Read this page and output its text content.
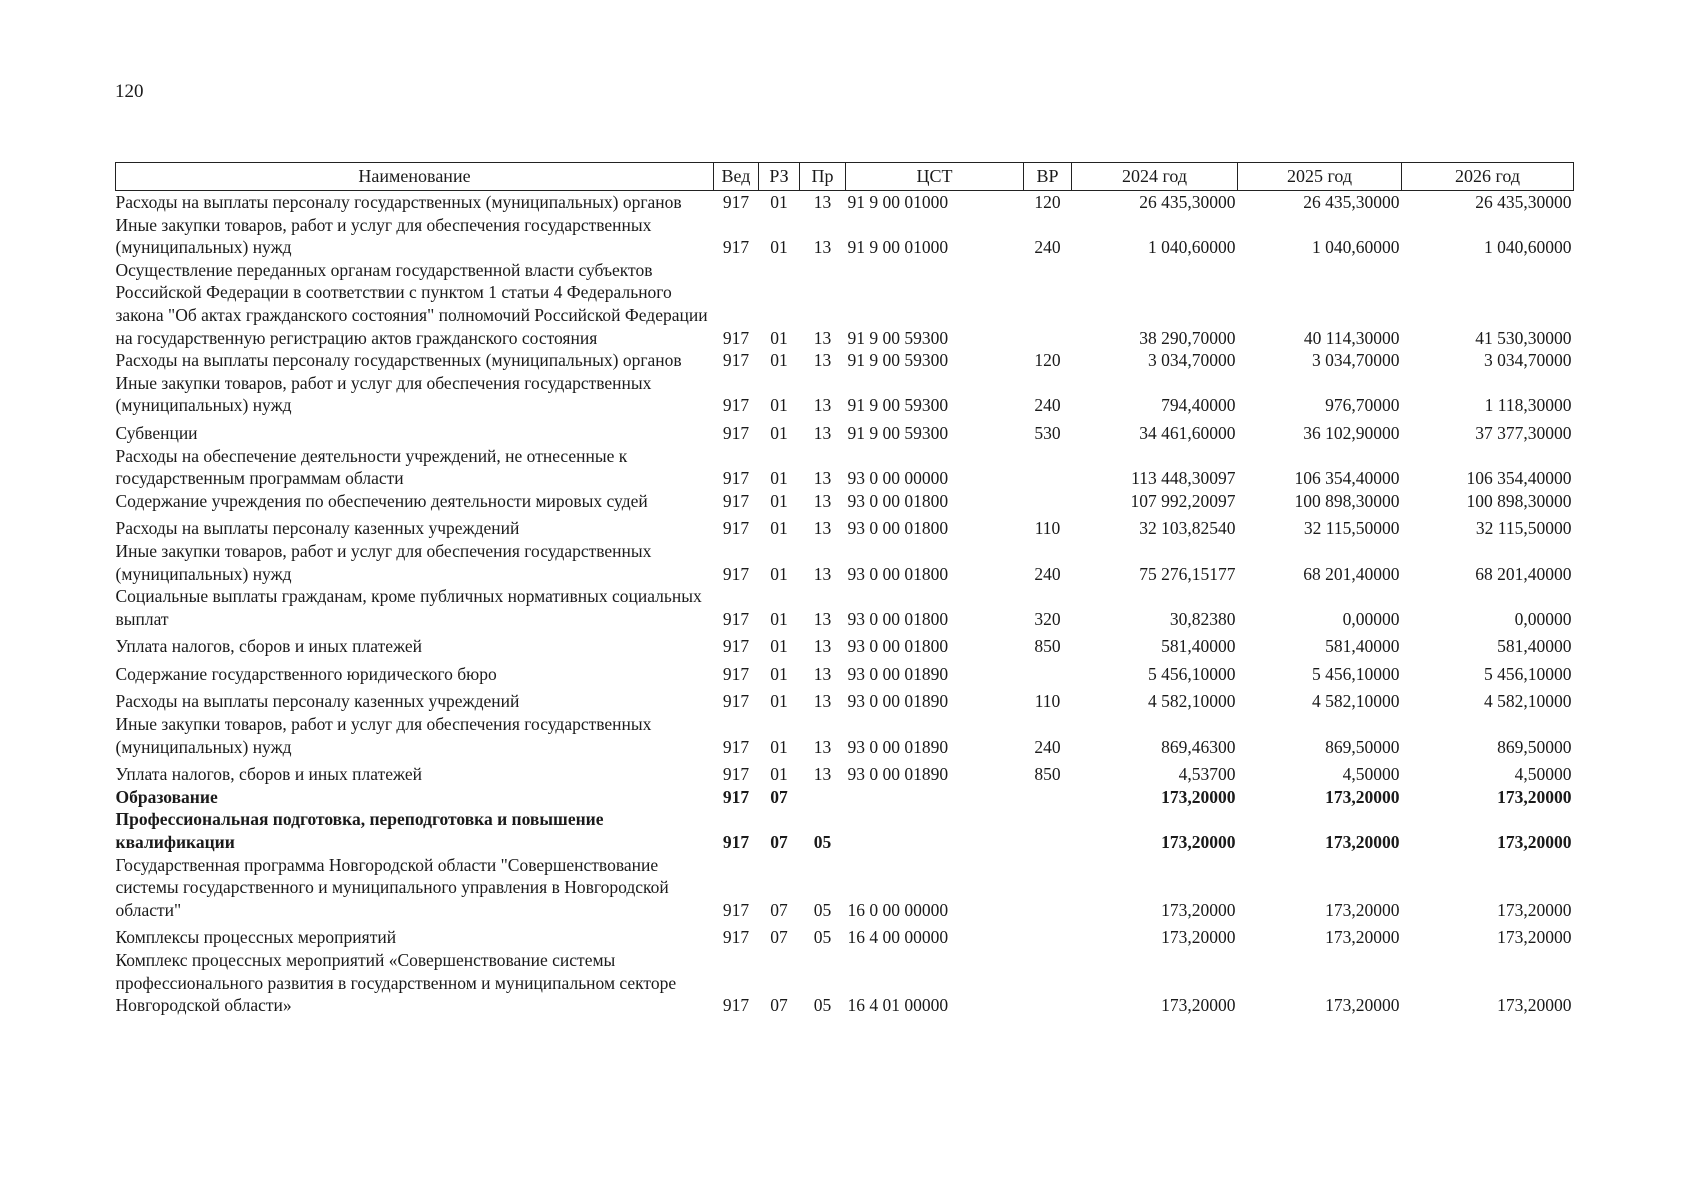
120
Наименование	Вед	РЗ	Пр	ЦСТ	ВР	2024 год	2025 год	2026 год
Расходы на выплаты персоналу государственных (муниципальных) органов	917	01	13	91 9 00 01000	120	26 435,30000	26 435,30000	26 435,30000
Иные закупки товаров, работ и услуг для обеспечения государственных (муниципальных) нужд	917	01	13	91 9 00 01000	240	1 040,60000	1 040,60000	1 040,60000
Осуществление переданных органам государственной власти субъектов Российской Федерации в соответствии с пунктом 1 статьи 4 Федерального закона "Об актах гражданского состояния" полномочий Российской Федерации на государственную регистрацию актов гражданского состояния	917	01	13	91 9 00 59300		38 290,70000	40 114,30000	41 530,30000
Расходы на выплаты персоналу государственных (муниципальных) органов	917	01	13	91 9 00 59300	120	3 034,70000	3 034,70000	3 034,70000
Иные закупки товаров, работ и услуг для обеспечения государственных (муниципальных) нужд	917	01	13	91 9 00 59300	240	794,40000	976,70000	1 118,30000
Субвенции	917	01	13	91 9 00 59300	530	34 461,60000	36 102,90000	37 377,30000
Расходы на обеспечение деятельности учреждений, не отнесенные к государственным программам области	917	01	13	93 0 00 00000		113 448,30097	106 354,40000	106 354,40000
Содержание учреждения по обеспечению деятельности мировых судей	917	01	13	93 0 00 01800		107 992,20097	100 898,30000	100 898,30000
Расходы на выплаты персоналу казенных учреждений	917	01	13	93 0 00 01800	110	32 103,82540	32 115,50000	32 115,50000
Иные закупки товаров, работ и услуг для обеспечения государственных (муниципальных) нужд	917	01	13	93 0 00 01800	240	75 276,15177	68 201,40000	68 201,40000
Социальные выплаты гражданам, кроме публичных нормативных социальных выплат	917	01	13	93 0 00 01800	320	30,82380	0,00000	0,00000
Уплата налогов, сборов и иных платежей	917	01	13	93 0 00 01800	850	581,40000	581,40000	581,40000
Содержание государственного юридического бюро	917	01	13	93 0 00 01890		5 456,10000	5 456,10000	5 456,10000
Расходы на выплаты персоналу казенных учреждений	917	01	13	93 0 00 01890	110	4 582,10000	4 582,10000	4 582,10000
Иные закупки товаров, работ и услуг для обеспечения государственных (муниципальных) нужд	917	01	13	93 0 00 01890	240	869,46300	869,50000	869,50000
Уплата налогов, сборов и иных платежей	917	01	13	93 0 00 01890	850	4,53700	4,50000	4,50000
Образование	917	07				173,20000	173,20000	173,20000
Профессиональная подготовка, переподготовка и повышение квалификации	917	07	05			173,20000	173,20000	173,20000
Государственная программа Новгородской области "Совершенствование системы государственного и муниципального управления в Новгородской области"	917	07	05	16 0 00 00000		173,20000	173,20000	173,20000
Комплексы процессных мероприятий	917	07	05	16 4 00 00000		173,20000	173,20000	173,20000
Комплекс процессных мероприятий «Совершенствование системы профессионального развития в государственном и муниципальном секторе Новгородской области»	917	07	05	16 4 01 00000		173,20000	173,20000	173,20000
